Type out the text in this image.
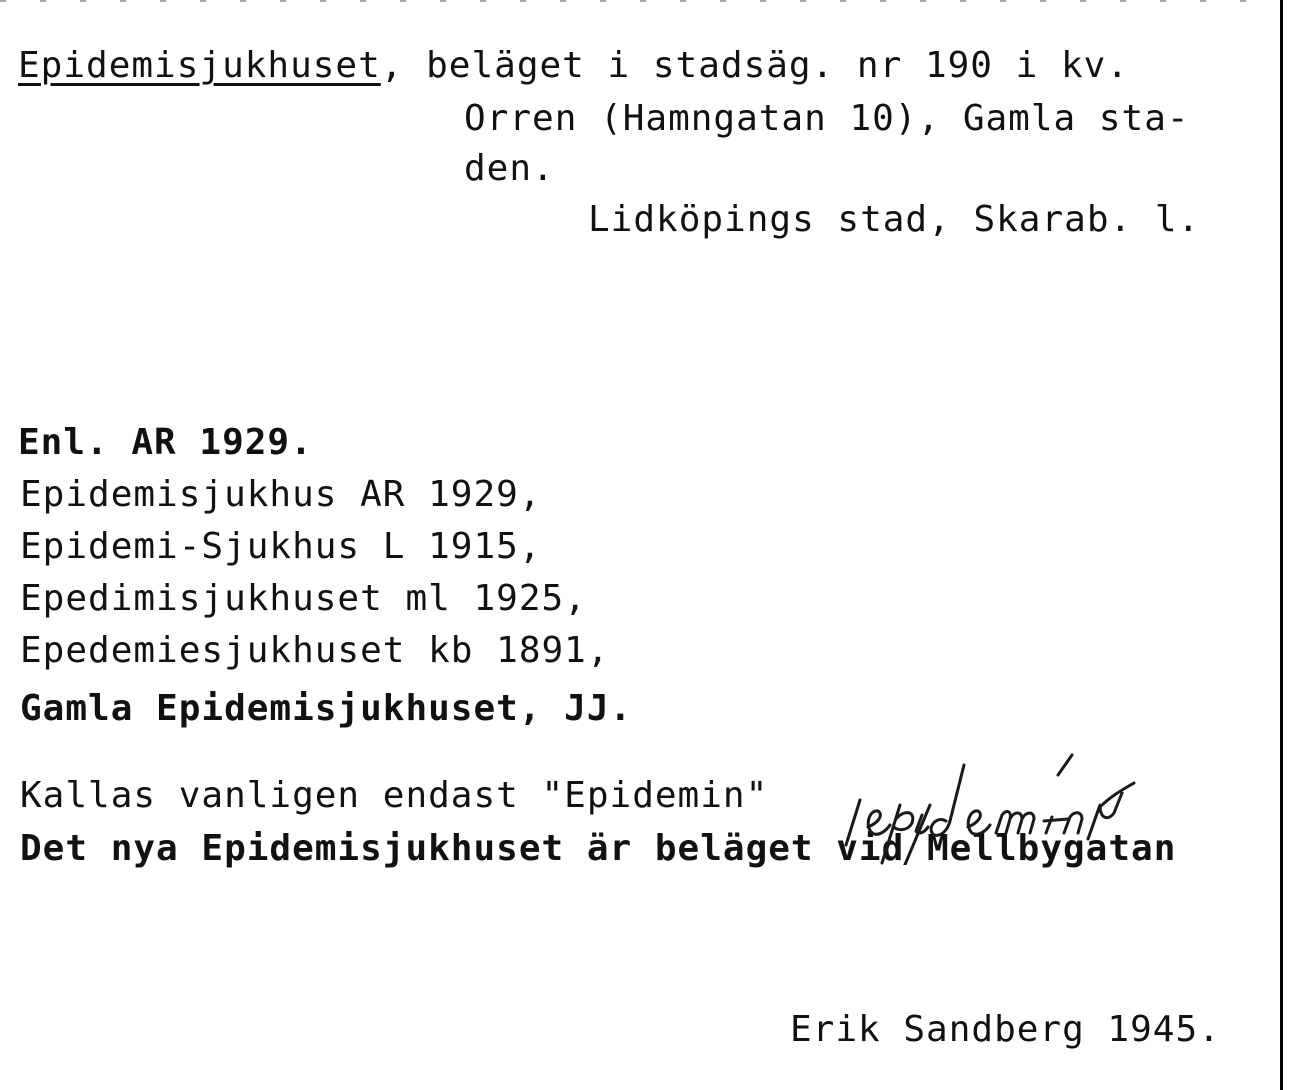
Epidemisjukhuset, beläget i stadsäg. nr 190 i kv.
Orren (Hamngatan 10), Gamla sta-
den.
Lidköpings stad, Skarab. l.
Enl. AR 1929.
Epidemisjukhus AR 1929,
Epidemi-Sjukhus L 1915,
Epedimisjukhuset ml 1925,
Epedemiesjukhuset kb 1891,
Gamla Epidemisjukhuset, JJ.
Kallas vanligen endast "Epidemin"
Det nya Epidemisjukhuset är beläget vid Mellbygatan
Erik Sandberg 1945.
